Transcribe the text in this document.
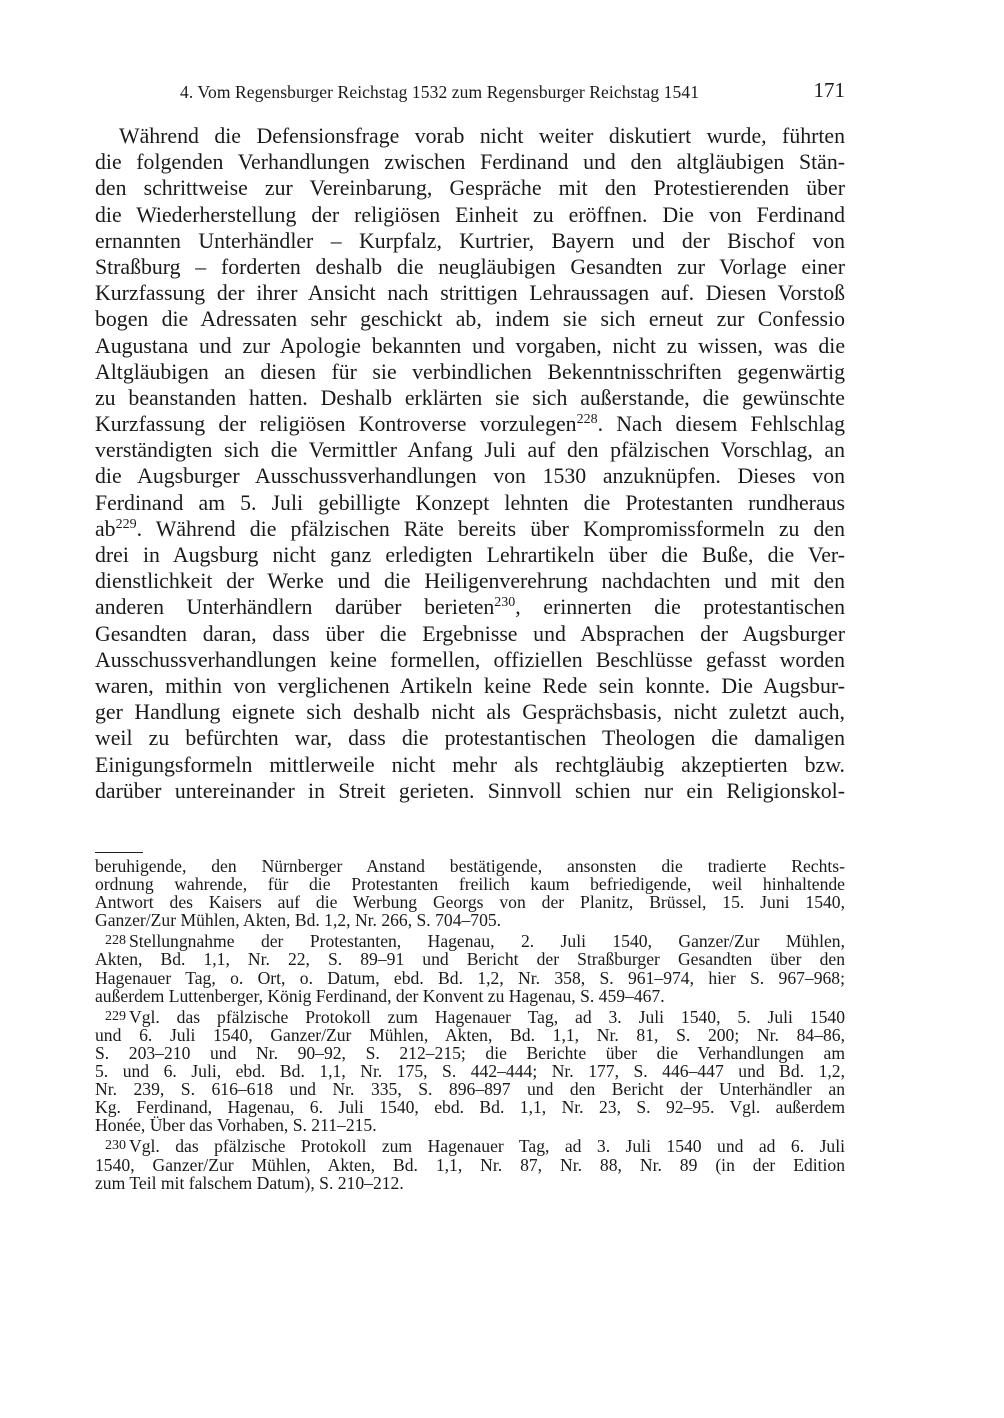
4. Vom Regensburger Reichstag 1532 zum Regensburger Reichstag 1541	171
Während die Defensionsfrage vorab nicht weiter diskutiert wurde, führten
die folgenden Verhandlungen zwischen Ferdinand und den altgläubigen Stän-
den schrittweise zur Vereinbarung, Gespräche mit den Protestierenden über
die Wiederherstellung der religiösen Einheit zu eröffnen. Die von Ferdinand
ernannten Unterhändler – Kurpfalz, Kurtrier, Bayern und der Bischof von
Straßburg – forderten deshalb die neugläubigen Gesandten zur Vorlage einer
Kurzfassung der ihrer Ansicht nach strittigen Lehraussagen auf. Diesen Vorstoß
bogen die Adressaten sehr geschickt ab, indem sie sich erneut zur Confessio
Augustana und zur Apologie bekannten und vorgaben, nicht zu wissen, was die
Altgläubigen an diesen für sie verbindlichen Bekenntnisschriften gegenwärtig
zu beanstanden hatten. Deshalb erklärten sie sich außerstande, die gewünschte
Kurzfassung der religiösen Kontroverse vorzulegen$^{228}$. Nach diesem Fehlschlag
verständigten sich die Vermittler Anfang Juli auf den pfälzischen Vorschlag, an
die Augsburger Ausschussverhandlungen von 1530 anzuknüpfen. Dieses von
Ferdinand am 5. Juli gebilligte Konzept lehnten die Protestanten rundheraus
$ab^{229}$. Während die pfälzischen Räte bereits über Kompromissformeln zu den
drei in Augsburg nicht ganz erledigten Lehrartikeln über die Buße, die Ver-
dienstlichkeit der Werke und die Heiligenverehrung nachdachten und mit den
anderen Unterhändlern darüber berieten$^{230}$, erinnerten die protestantischen
Gesandten daran, dass über die Ergebnisse und Absprachen der Augsburger
Ausschussverhandlungen keine formellen, offiziellen Beschlüsse gefasst worden
waren, mithin von verglichenen Artikeln keine Rede sein konnte. Die Augsbur-
ger Handlung eignete sich deshalb nicht als Gesprächsbasis, nicht zuletzt auch,
weil zu befürchten war, dass die protestantischen Theologen die damaligen
Einigungsformeln mittlerweile nicht mehr als rechtgläubig akzeptierten bzw.
darüber untereinander in Streit gerieten. Sinnvoll schien nur ein Religionskol-
beruhigende, den Nürnberger Anstand bestätigende, ansonsten die tradierte Rechts-
ordnung wahrende, für die Protestanten freilich kaum befriedigende, weil hinhaltende
Antwort des Kaisers auf die Werbung Georgs von der Planitz, Brüssel, 15. Juni 1540,
Ganzer/Zur Mühlen, Akten, Bd. 1,2, Nr. 266, S. 704–705.
228 Stellungnahme der Protestanten, Hagenau, 2. Juli 1540, Ganzer/Zur Mühlen,
Akten, Bd. 1,1, Nr. 22, S. 89–91 und Bericht der Straßburger Gesandten über den
Hagenauer Tag, o. Ort, o. Datum, ebd. Bd. 1,2, Nr. 358, S. 961–974, hier S. 967–968;
außerdem Luttenberger, König Ferdinand, der Konvent zu Hagenau, S. 459–467.
229 Vgl. das pfälzische Protokoll zum Hagenauer Tag, ad 3. Juli 1540, 5. Juli 1540
und 6. Juli 1540, Ganzer/Zur Mühlen, Akten, Bd. 1,1, Nr. 81, S. 200; Nr. 84–86,
S. 203–210 und Nr. 90–92, S. 212–215; die Berichte über die Verhandlungen am
5. und 6. Juli, ebd. Bd. 1,1, Nr. 175, S. 442–444; Nr. 177, S. 446–447 und Bd. 1,2,
Nr. 239, S. 616–618 und Nr. 335, S. 896–897 und den Bericht der Unterhändler an
Kg. Ferdinand, Hagenau, 6. Juli 1540, ebd. Bd. 1,1, Nr. 23, S. 92–95. Vgl. außerdem
Honée, Über das Vorhaben, S. 211–215.
230 Vgl. das pfälzische Protokoll zum Hagenauer Tag, ad 3. Juli 1540 und ad 6. Juli
1540, Ganzer/Zur Mühlen, Akten, Bd. 1,1, Nr. 87, Nr. 88, Nr. 89 (in der Edition
zum Teil mit falschem Datum), S. 210–212.
